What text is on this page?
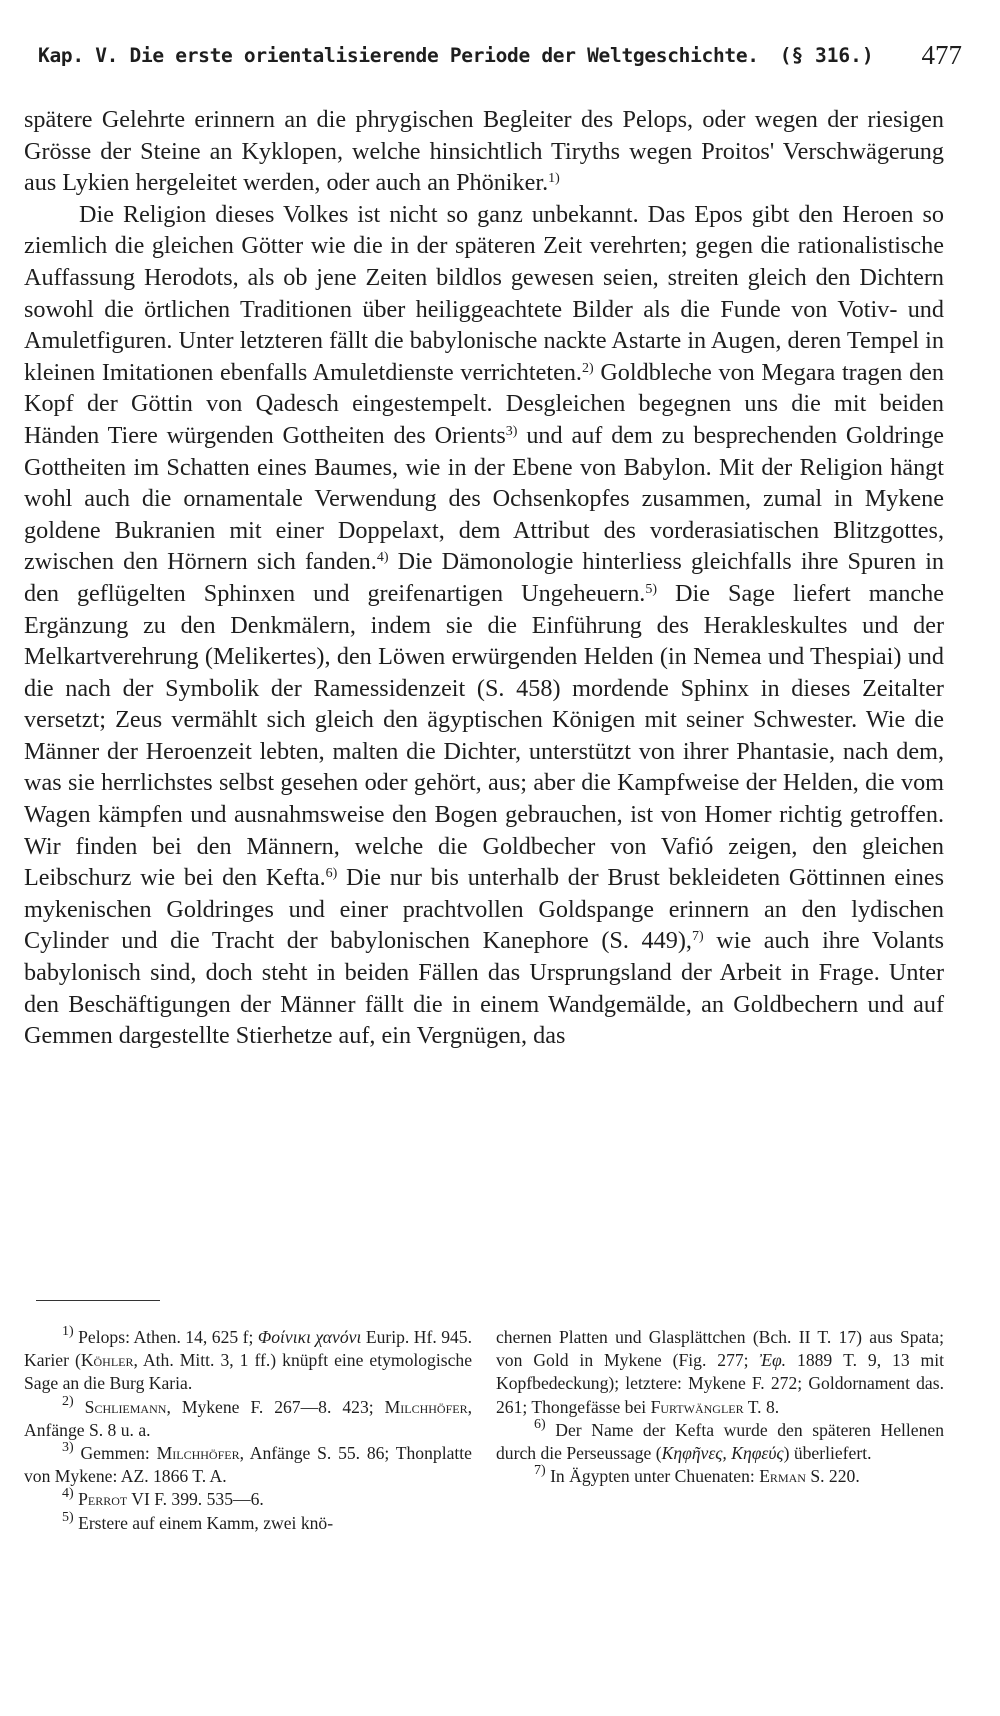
Kap. V. Die erste orientalisierende Periode der Weltgeschichte. (§ 316.) 477

spätere Gelehrte erinnern an die phrygischen Begleiter des Pelops, oder wegen der riesigen Grösse der Steine an Kyklopen, welche hinsichtlich Tiryths wegen Proitos' Verschwägerung aus Lykien hergeleitet werden, oder auch an Phöniker.$^{1)}$

Die Religion dieses Volkes ist nicht so ganz unbekannt. Das Epos gibt den Heroen so ziemlich die gleichen Götter wie die in der späteren Zeit verehrten; gegen die rationalistische Auffassung Herodots, als ob jene Zeiten bildlos gewesen seien, streiten gleich den Dichtern sowohl die örtlichen Traditionen über heiliggeachtete Bilder als die Funde von Votiv- und Amuletfiguren. Unter letzteren fällt die babylonische nackte Astarte in Augen, deren Tempel in kleinen Imitationen ebenfalls Amuletdienste verrichteten.$^{2)}$ Goldbleche von Megara tragen den Kopf der Göttin von Qadesch eingestempelt. Desgleichen begegnen uns die mit beiden Händen Tiere würgenden Gottheiten des Orients$^{3)}$ und auf dem zu besprechenden Goldringe Gottheiten im Schatten eines Baumes, wie in der Ebene von Babylon. Mit der Religion hängt wohl auch die ornamentale Verwendung des Ochsenkopfes zusammen, zumal in Mykene goldene Bukranien mit einer Doppelaxt, dem Attribut des vorderasiatischen Blitzgottes, zwischen den Hörnern sich fanden.$^{4)}$ Die Dämonologie hinterliess gleichfalls ihre Spuren in den geflügelten Sphinxen und greifenartigen Ungeheuern.$^{5)}$ Die Sage liefert manche Ergänzung zu den Denkmälern, indem sie die Einführung des Herakleskultes und der Melkartverehrung (Melikertes), den Löwen erwürgenden Helden (in Nemea und Thespiai) und die nach der Symbolik der Ramessidenzeit (S. 458) mordende Sphinx in dieses Zeitalter versetzt; Zeus vermählt sich gleich den ägyptischen Königen mit seiner Schwester. Wie die Männer der Heroenzeit lebten, malten die Dichter, unterstützt von ihrer Phantasie, nach dem, was sie herrlichstes selbst gesehen oder gehört, aus; aber die Kampfweise der Helden, die vom Wagen kämpfen und ausnahmsweise den Bogen gebrauchen, ist von Homer richtig getroffen. Wir finden bei den Männern, welche die Goldbecher von Vafió zeigen, den gleichen Leibschurz wie bei den Kefta.$^{6)}$ Die nur bis unterhalb der Brust bekleideten Göttinnen eines mykenischen Goldringes und einer prachtvollen Goldspange erinnern an den lydischen Cylinder und die Tracht der babylonischen Kanephore (S. 449),$^{7)}$ wie auch ihre Volants babylonisch sind, doch steht in beiden Fällen das Ursprungsland der Arbeit in Frage. Unter den Beschäftigungen der Männer fällt die in einem Wandgemälde, an Goldbechern und auf Gemmen dargestellte Stierhetze auf, ein Vergnügen, das

$^{1)}$ Pelops: Athen. 14, 625 f; Φοίνικι χανόνι Eurip. Hf. 945. Karier (Köhler, Ath. Mitt. 3, 1 ff.) knüpft eine etymologische Sage an die Burg Karia.

$^{2)}$ Schliemann, Mykene F. 267—8. 423; Milchhöfer, Anfänge S. 8 u. a.

$^{3)}$ Gemmen: Milchhöfer, Anfänge S. 55. 86; Thonplatte von Mykene: AZ. 1866 T. A.

$^{4)}$ Perrot VI F. 399. 535—6.

$^{5)}$ Erstere auf einem Kamm, zwei knö-

chernen Platten und Glasplättchen (Bch. II T. 17) aus Spata; von Gold in Mykene (Fig. 277; Ἐφ. 1889 T. 9, 13 mit Kopfbedeckung); letztere: Mykene F. 272; Goldornament das. 261; Thongefässe bei Furtwängler T. 8.

$^{6)}$ Der Name der Kefta wurde den späteren Hellenen durch die Perseussage (Κηφῆνες, Κηφεύς) überliefert.

$^{7)}$ In Ägypten unter Chuenaten: Erman S. 220.
